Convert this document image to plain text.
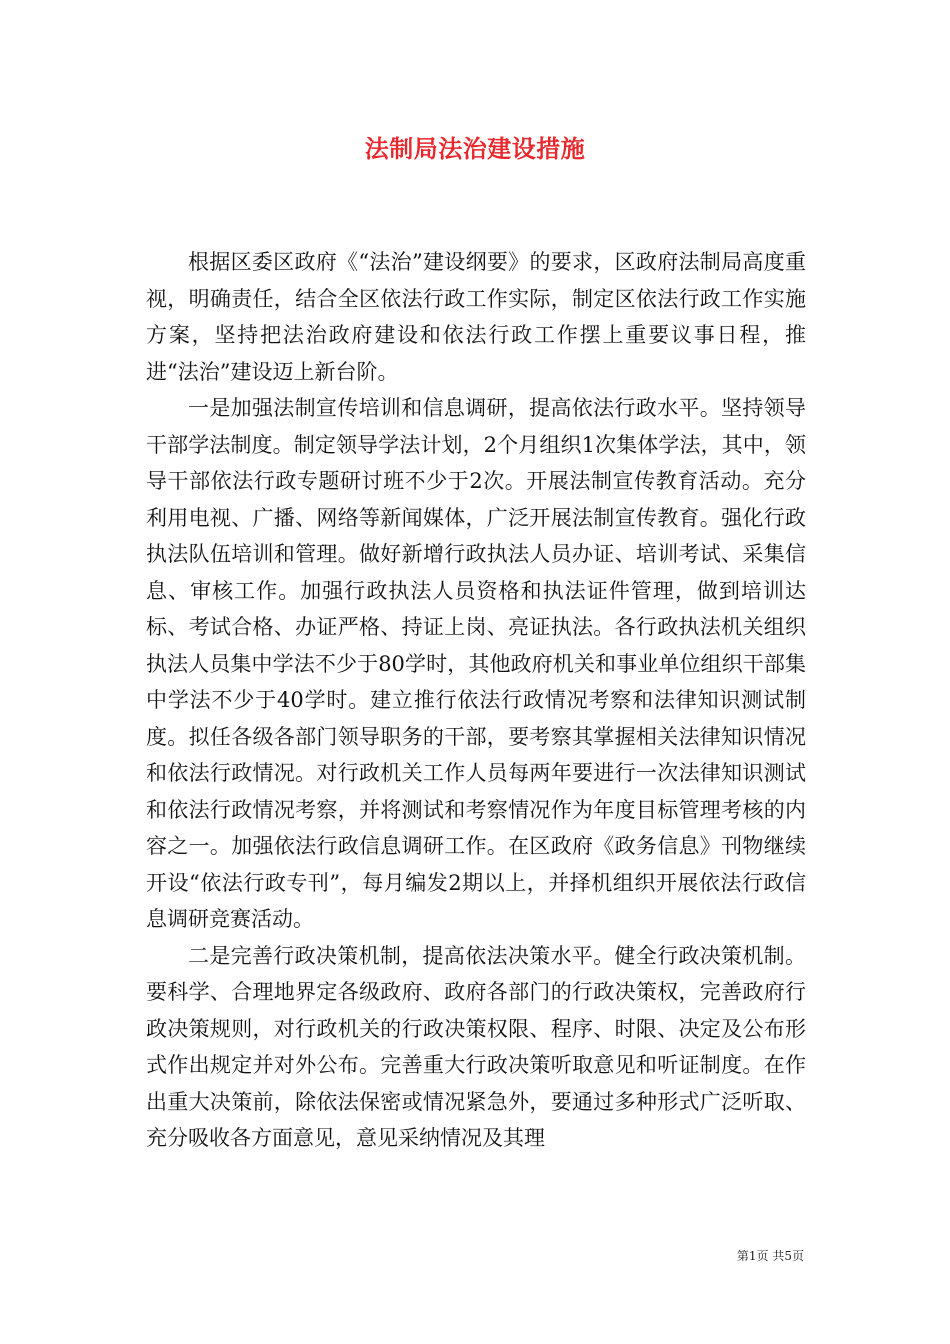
法制局法治建设措施

根据区委区政府《“法治”建设纲要》的要求，区政府法制局高度重视，明确责任，结合全区依法行政工作实际，制定区依法行政工作实施方案，坚持把法治政府建设和依法行政工作摆上重要议事日程，推进“法治”建设迈上新台阶。

一是加强法制宣传培训和信息调研，提高依法行政水平。坚持领导干部学法制度。制定领导学法计划，2个月组织1次集体学法，其中，领导干部依法行政专题研讨班不少于2次。开展法制宣传教育活动。充分利用电视、广播、网络等新闻媒体，广泛开展法制宣传教育。强化行政执法队伍培训和管理。做好新增行政执法人员办证、培训考试、采集信息、审核工作。加强行政执法人员资格和执法证件管理，做到培训达标、考试合格、办证严格、持证上岗、亮证执法。各行政执法机关组织执法人员集中学法不少于80学时，其他政府机关和事业单位组织干部集中学法不少于40学时。建立推行依法行政情况考察和法律知识测试制度。拟任各级各部门领导职务的干部，要考察其掌握相关法律知识情况和依法行政情况。对行政机关工作人员每两年要进行一次法律知识测试和依法行政情况考察，并将测试和考察情况作为年度目标管理考核的内容之一。加强依法行政信息调研工作。在区政府《政务信息》刊物继续开设“依法行政专刊”，每月编发2期以上，并择机组织开展依法行政信息调研竞赛活动。

二是完善行政决策机制，提高依法决策水平。健全行政决策机制。要科学、合理地界定各级政府、政府各部门的行政决策权，完善政府行政决策规则，对行政机关的行政决策权限、程序、时限、决定及公布形式作出规定并对外公布。完善重大行政决策听取意见和听证制度。在作出重大决策前，除依法保密或情况紧急外，要通过多种形式广泛听取、充分吸收各方面意见，意见采纳情况及其理

第1页 共5页
